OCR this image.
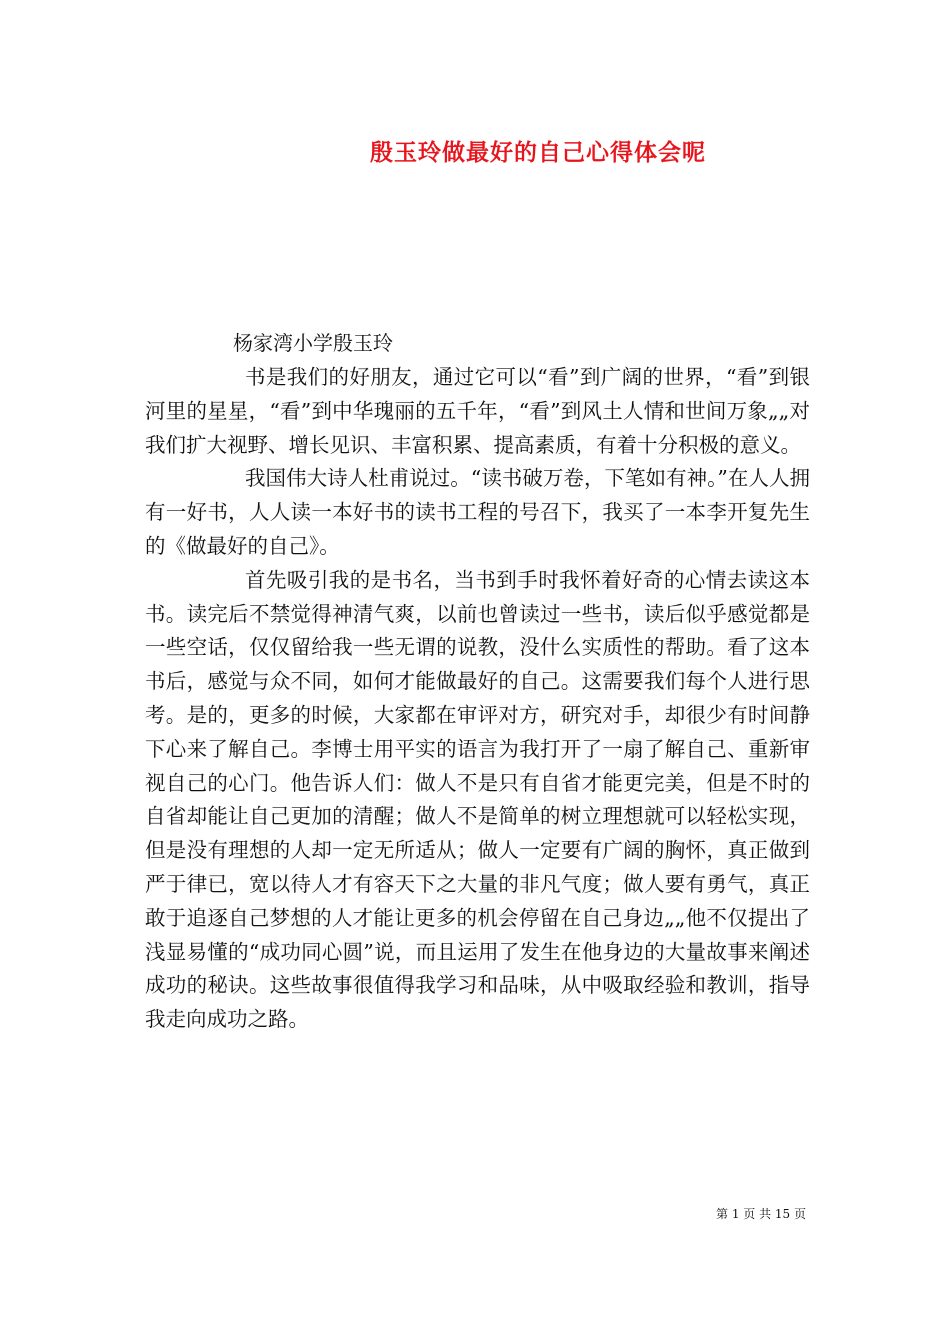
殷玉玲做最好的自己心得体会呢
杨家湾小学殷玉玲

书是我们的好朋友，通过它可以“看”到广阔的世界，“看”到银河里的星星，“看”到中华瑰丽的五千年，“看”到风土人情和世间万象„„对我们扩大视野、增长见识、丰富积累、提高素质，有着十分积极的意义。

我国伟大诗人杜甫说过。“读书破万卷，下笔如有神。”在人人拥有一好书，人人读一本好书的读书工程的号召下，我买了一本李开复先生的《做最好的自己》。

首先吸引我的是书名，当书到手时我怀着好奇的心情去读这本书。读完后不禁觉得神清气爽，以前也曾读过一些书，读后似乎感觉都是一些空话，仅仅留给我一些无谓的说教，没什么实质性的帮助。看了这本书后，感觉与众不同，如何才能做最好的自己。这需要我们每个人进行思考。是的，更多的时候，大家都在审评对方，研究对手，却很少有时间静下心来了解自己。李博士用平实的语言为我打开了一扇了解自己、重新审视自己的心门。他告诉人们：做人不是只有自省才能更完美，但是不时的自省却能让自己更加的清醒；做人不是简单的树立理想就可以轻松实现，但是没有理想的人却一定无所适从；做人一定要有广阔的胸怀，真正做到严于律已，宽以待人才有容天下之大量的非凡气度；做人要有勇气，真正敢于追逐自己梦想的人才能让更多的机会停留在自己身边„„他不仅提出了浅显易懂的“成功同心圆”说，而且运用了发生在他身边的大量故事来阐述成功的秘诀。这些故事很值得我学习和品味，从中吸取经验和教训，指导我走向成功之路。

第 1 页 共 15 页
